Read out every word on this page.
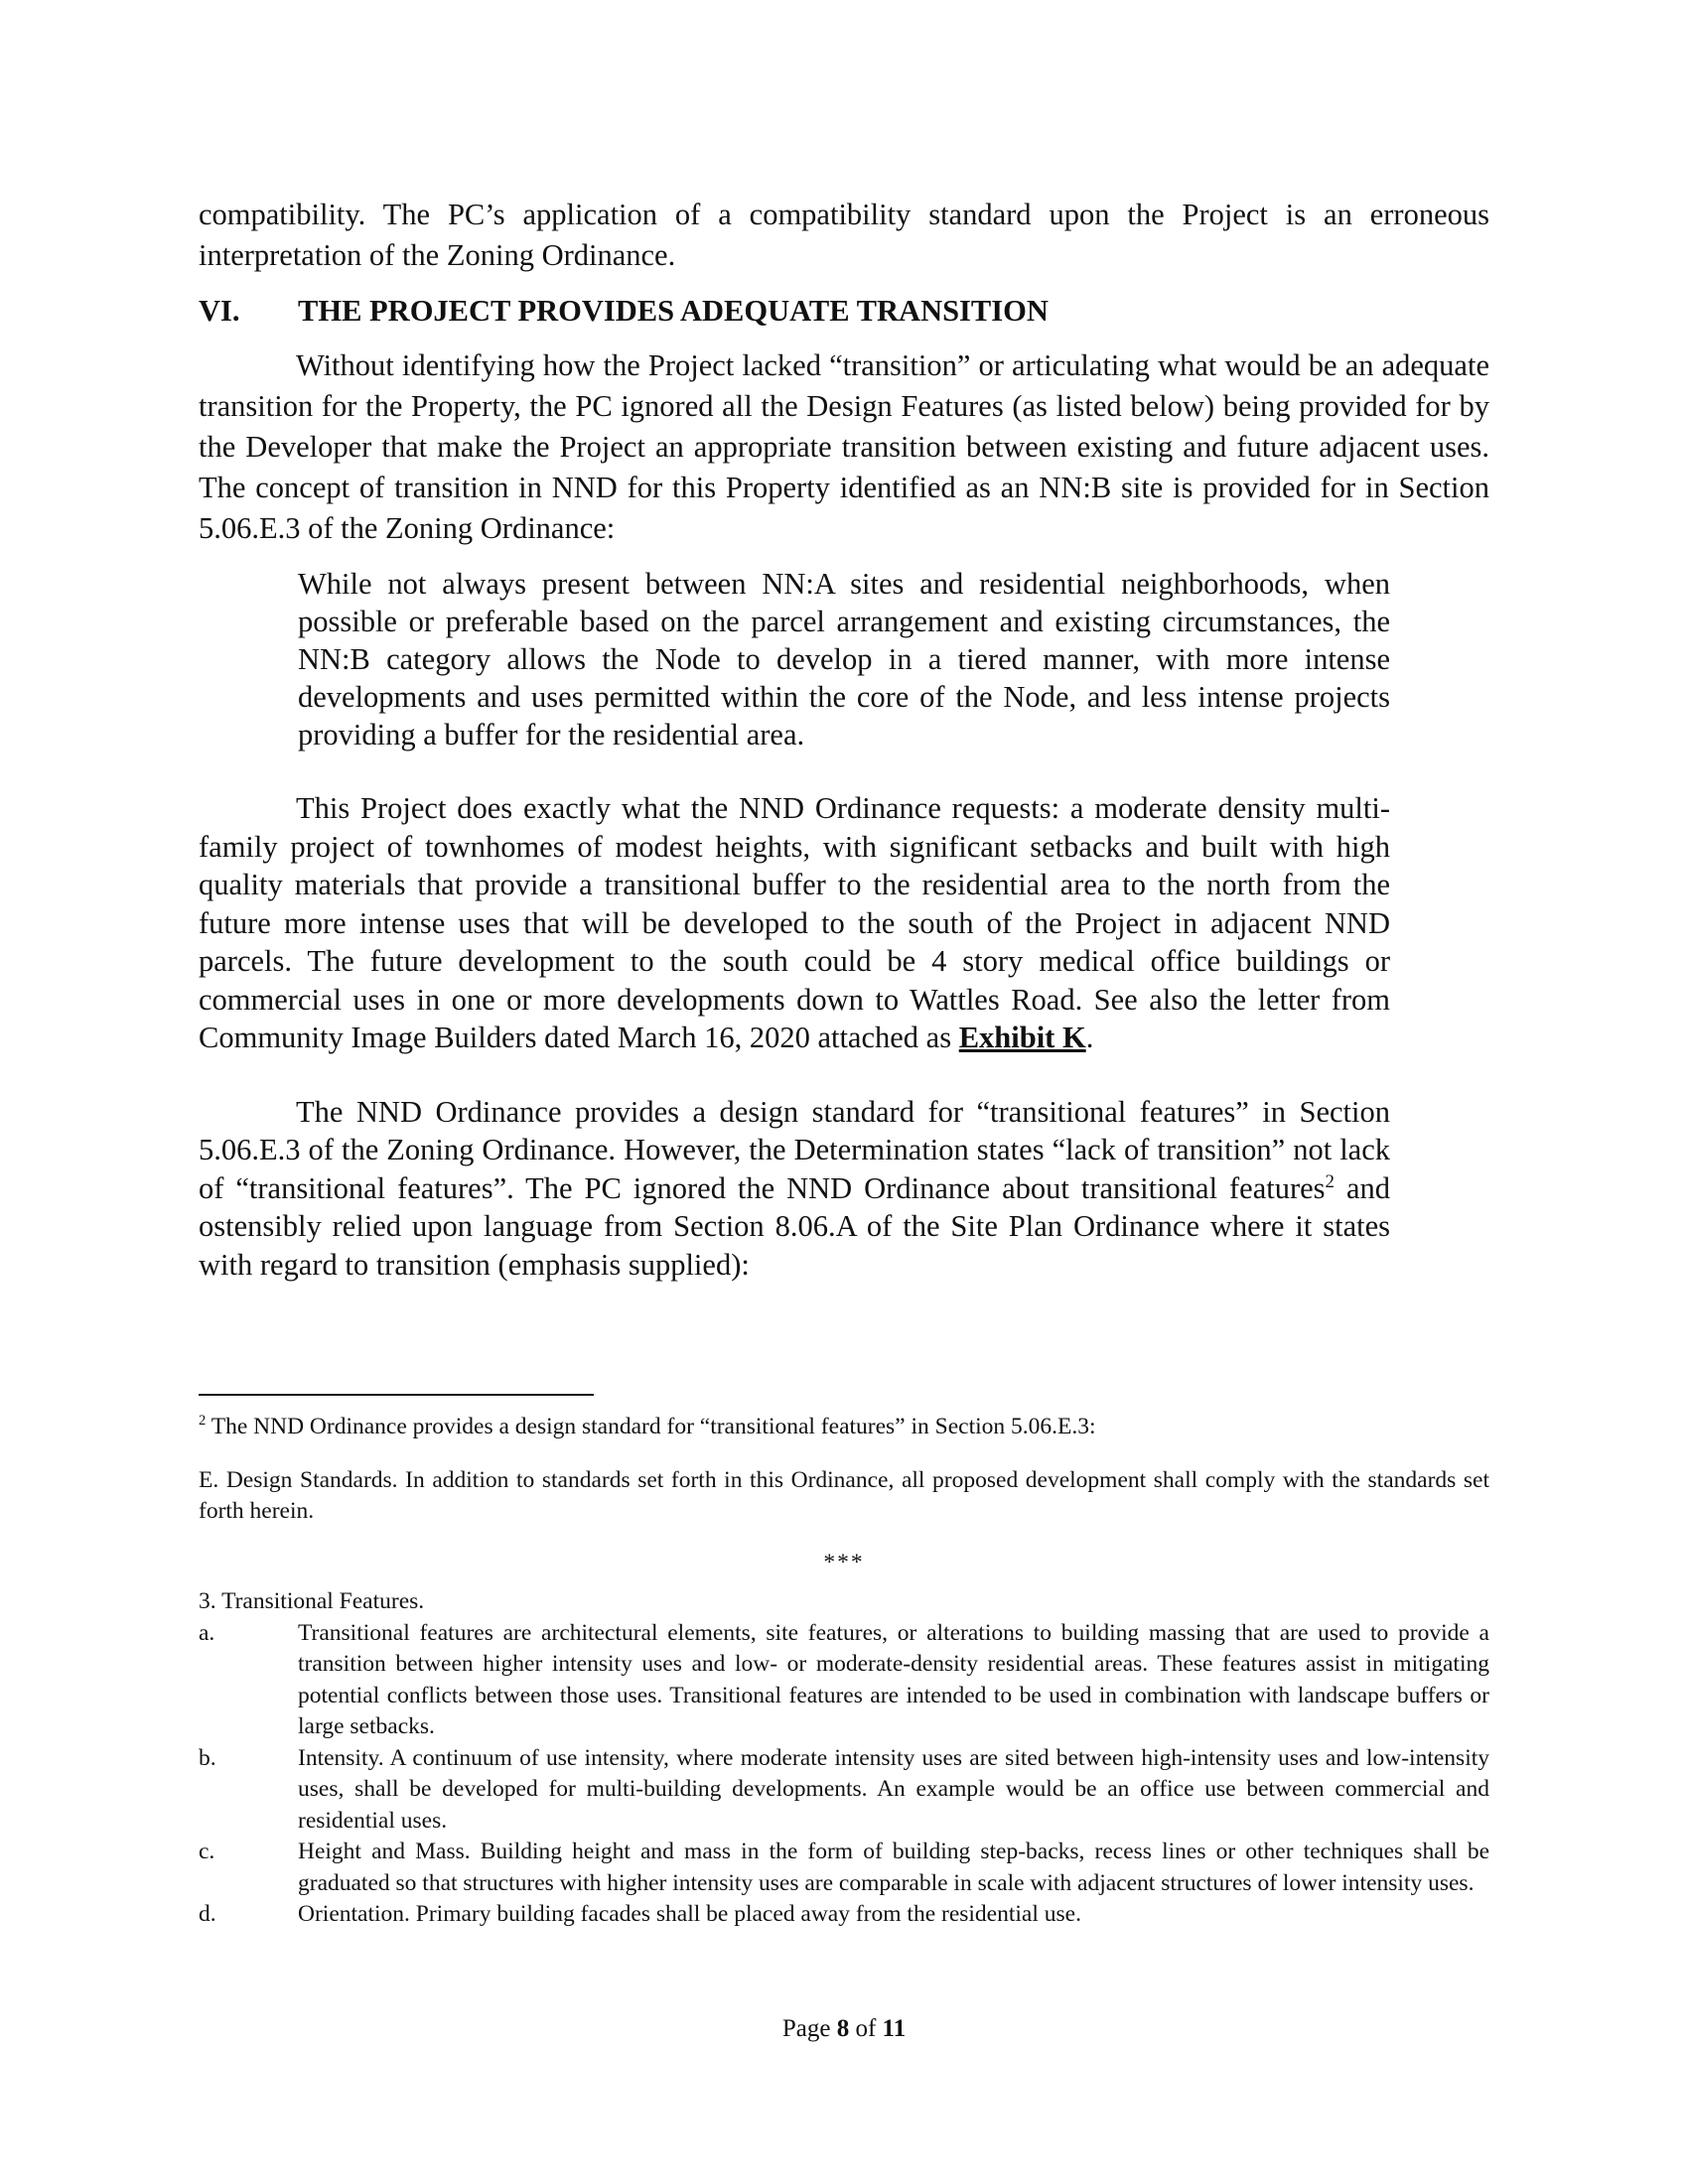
compatibility. The PC’s application of a compatibility standard upon the Project is an erroneous interpretation of the Zoning Ordinance.

VI.	THE PROJECT PROVIDES ADEQUATE TRANSITION

Without identifying how the Project lacked “transition” or articulating what would be an adequate transition for the Property, the PC ignored all the Design Features (as listed below) being provided for by the Developer that make the Project an appropriate transition between existing and future adjacent uses. The concept of transition in NND for this Property identified as an NN:B site is provided for in Section 5.06.E.3 of the Zoning Ordinance:

While not always present between NN:A sites and residential neighborhoods, when possible or preferable based on the parcel arrangement and existing circumstances, the NN:B category allows the Node to develop in a tiered manner, with more intense developments and uses permitted within the core of the Node, and less intense projects providing a buffer for the residential area.

This Project does exactly what the NND Ordinance requests: a moderate density multi-family project of townhomes of modest heights, with significant setbacks and built with high quality materials that provide a transitional buffer to the residential area to the north from the future more intense uses that will be developed to the south of the Project in adjacent NND parcels. The future development to the south could be 4 story medical office buildings or commercial uses in one or more developments down to Wattles Road. See also the letter from Community Image Builders dated March 16, 2020 attached as Exhibit K.

The NND Ordinance provides a design standard for “transitional features” in Section 5.06.E.3 of the Zoning Ordinance. However, the Determination states “lack of transition” not lack of “transitional features”. The PC ignored the NND Ordinance about transitional features$^2$ and ostensibly relied upon language from Section 8.06.A of the Site Plan Ordinance where it states with regard to transition (emphasis supplied):

$^2$ The NND Ordinance provides a design standard for “transitional features” in Section 5.06.E.3:

E. Design Standards. In addition to standards set forth in this Ordinance, all proposed development shall comply with the standards set forth herein.

***

3. Transitional Features.

a.	Transitional features are architectural elements, site features, or alterations to building massing that are used to provide a transition between higher intensity uses and low- or moderate-density residential areas. These features assist in mitigating potential conflicts between those uses. Transitional features are intended to be used in combination with landscape buffers or large setbacks.
b.	Intensity. A continuum of use intensity, where moderate intensity uses are sited between high-intensity uses and low-intensity uses, shall be developed for multi-building developments. An example would be an office use between commercial and residential uses.
c.	Height and Mass. Building height and mass in the form of building step-backs, recess lines or other techniques shall be graduated so that structures with higher intensity uses are comparable in scale with adjacent structures of lower intensity uses.
d.	Orientation. Primary building facades shall be placed away from the residential use.
Page 8 of 11
